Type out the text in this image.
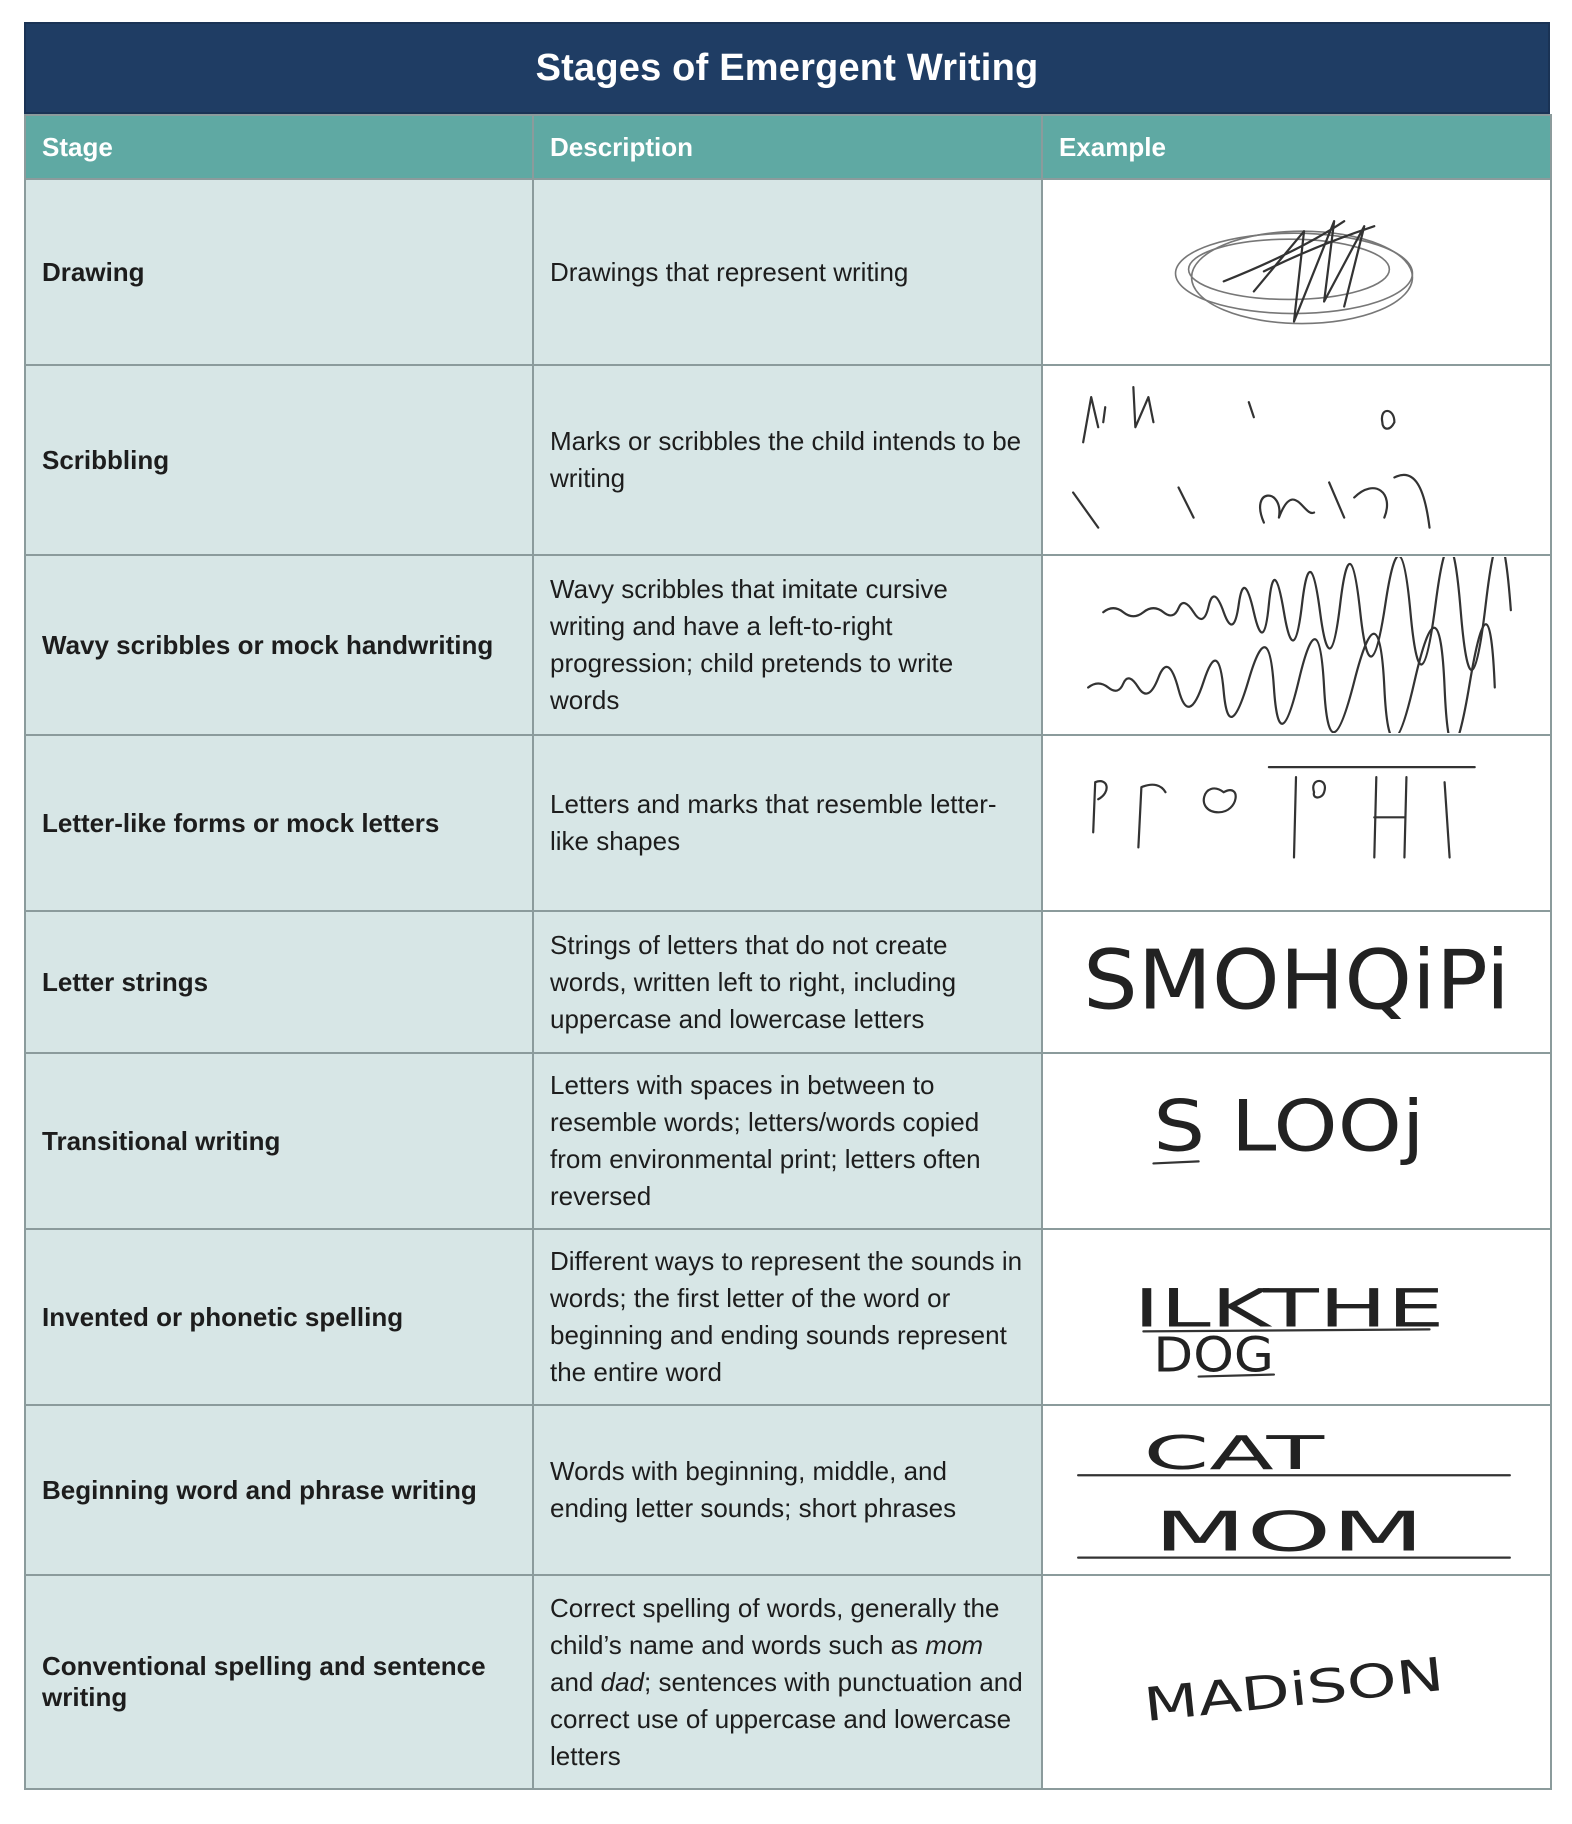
Stages of Emergent Writing
Stage	Description	Example
Drawing	Drawings that represent writing	

Scribbling	Marks or scribbles the child intends to be writing	

Wavy scribbles or mock handwriting	Wavy scribbles that imitate cursive writing and have a left-to-right progression; child pretends to write words	

Letter-like forms or mock letters	Letters and marks that resemble letter-like shapes	

Letter strings	Strings of letters that do not create words, written left to right, including uppercase and lowercase letters	SMOHQiPi

Transitional writing	Letters with spaces in between to resemble words; letters/words copied from environmental print; letters often reversed	S LOOj

Invented or phonetic spelling	Different ways to represent the sounds in words; the first letter of the word or beginning and ending sounds represent the entire word	ILKTHE
DOG

Beginning word and phrase writing	Words with beginning, middle, and ending letter sounds; short phrases	CAT
MOM

Conventional spelling and sentence writing	Correct spelling of words, generally the child’s name and words such as mom and dad; sentences with punctuation and correct use of uppercase and lowercase letters	MADiSON
